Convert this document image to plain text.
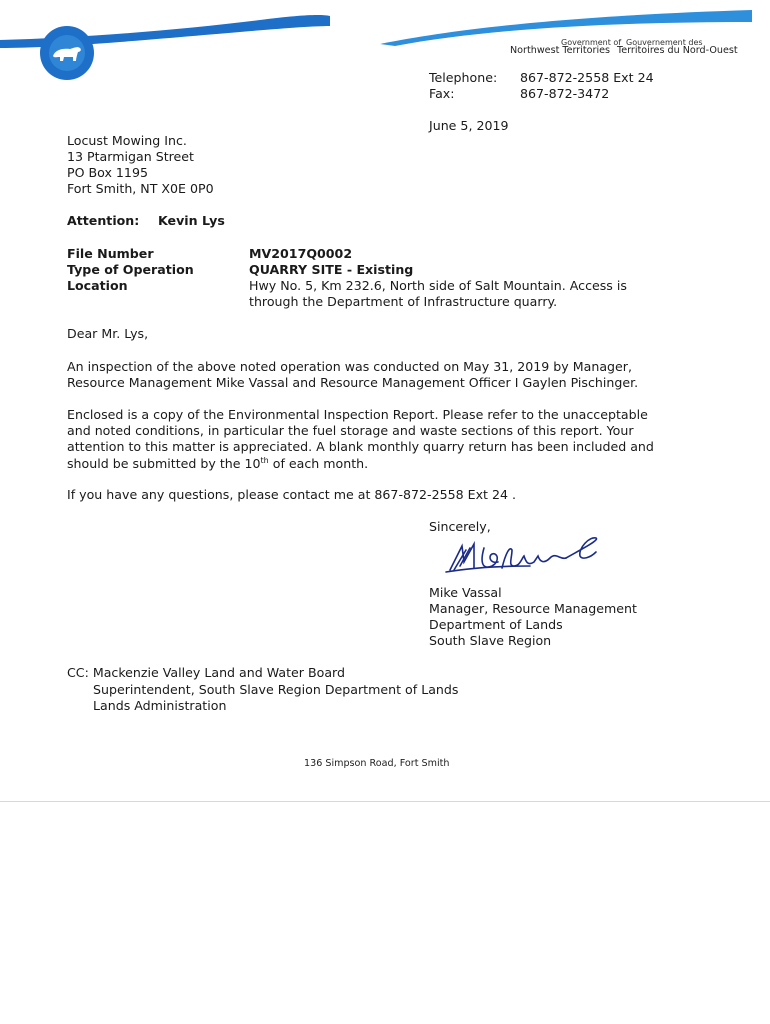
Government of Gouvernement des
Northwest Territories Territoires du Nord-Ouest
Telephone: 867-872-2558 Ext 24
Fax:	867-872-3472
June 5, 2019
Locust Mowing Inc.
13 Ptarmigan Street
PO Box 1195
Fort Smith, NT X0E 0P0
Attention: Kevin Lys
File Number	MV2017Q0002
Type of Operation	QUARRY SITE - Existing
Location	Hwy No. 5, Km 232.6, North side of Salt Mountain. Access is
through the Department of Infrastructure quarry.
Dear Mr. Lys,
An inspection of the above noted operation was conducted on May 31, 2019 by Manager,
Resource Management Mike Vassal and Resource Management Officer I Gaylen Pischinger.
Enclosed is a copy of the Environmental Inspection Report. Please refer to the unacceptable
and noted conditions, in particular the fuel storage and waste sections of this report. Your
attention to this matter is appreciated. A blank monthly quarry return has been included and
should be submitted by the 10th of each month.
If you have any questions, please contact me at 867-872-2558 Ext 24 .
Sincerely,
Mike Vassal
Manager, Resource Management
Department of Lands
South Slave Region
CC: Mackenzie Valley Land and Water Board
Superintendent, South Slave Region Department of Lands
Lands Administration
136 Simpson Road, Fort Smith
